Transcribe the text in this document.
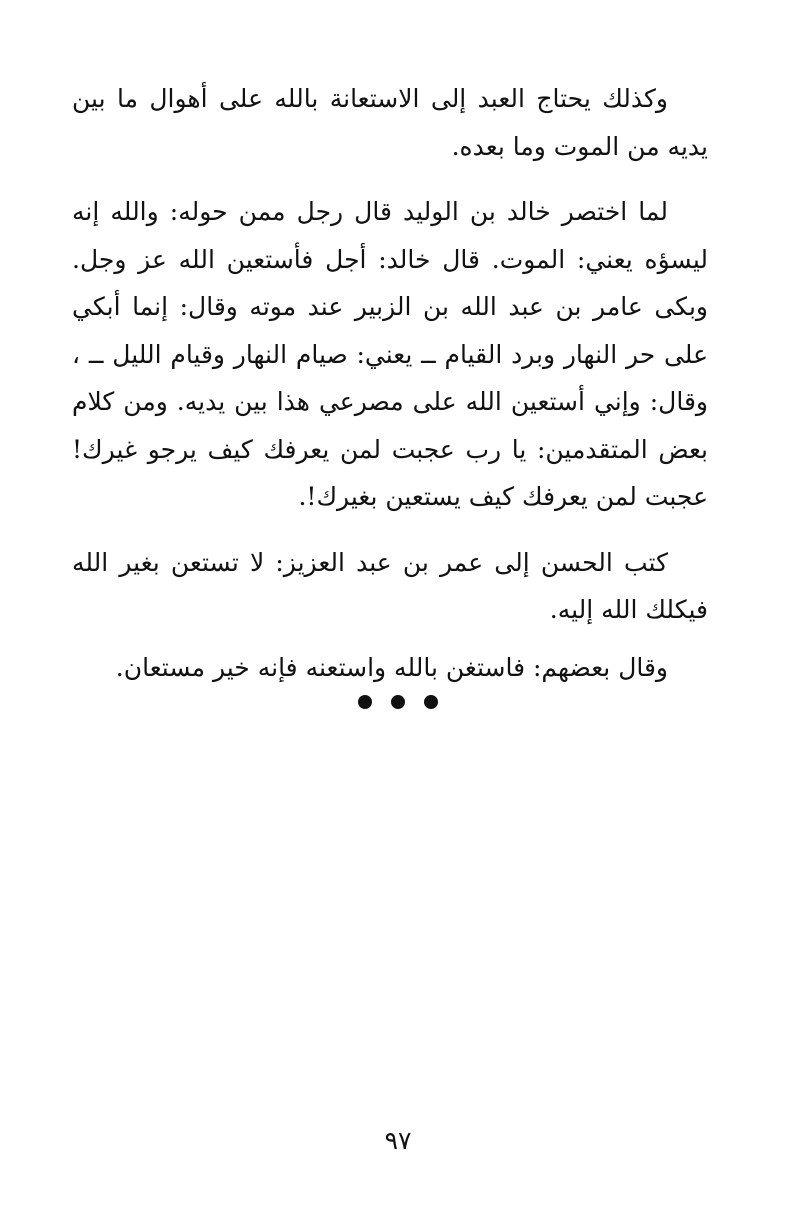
وكذلك يحتاج العبد إلى الاستعانة بالله على أهوال ما بين يديه من الموت وما بعده.

لما اختصر خالد بن الوليد قال رجل ممن حوله: والله إنه ليسؤه يعني: الموت. قال خالد: أجل فأستعين الله عز وجل. وبكى عامر بن عبد الله بن الزبير عند موته وقال: إنما أبكي على حر النهار وبرد القيام ــ يعني: صيام النهار وقيام الليل ــ ، وقال: وإني أستعين الله على مصرعي هذا بين يديه. ومن كلام بعض المتقدمين: يا رب عجبت لمن يعرفك كيف يرجو غيرك! عجبت لمن يعرفك كيف يستعين بغيرك!.

كتب الحسن إلى عمر بن عبد العزيز: لا تستعن بغير الله فيكلك الله إليه.

وقال بعضهم: فاستغن بالله واستعنه فإنه خير مستعان.

٩٧
